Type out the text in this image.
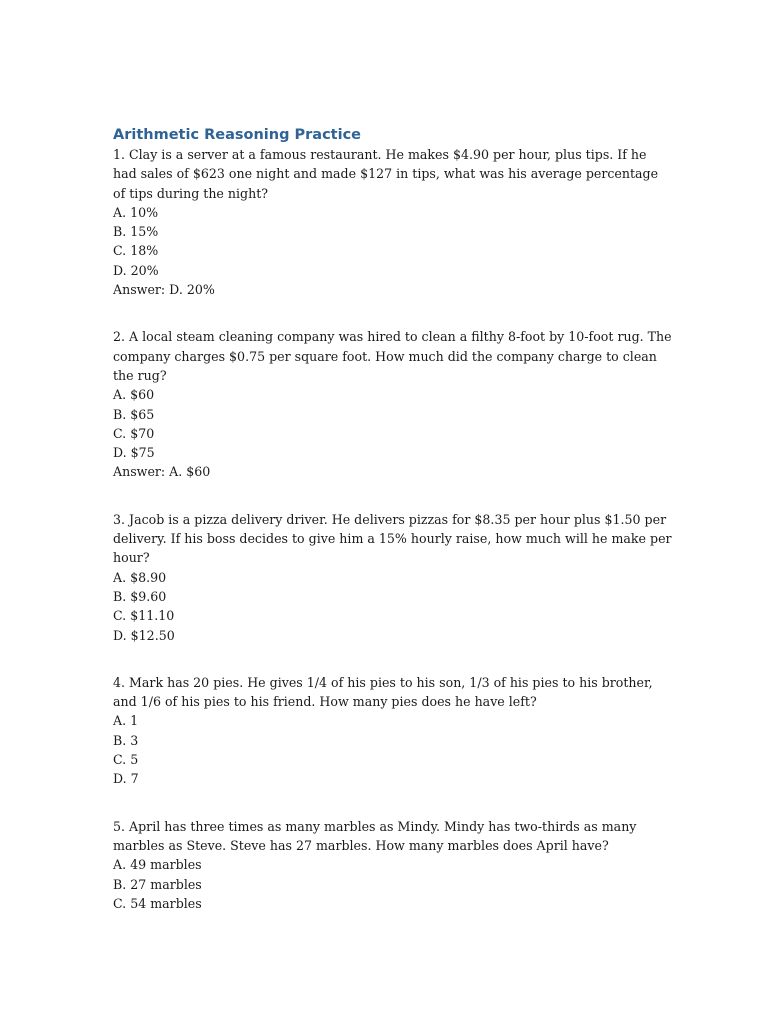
Arithmetic Reasoning Practice

1. Clay is a server at a famous restaurant. He makes $4.90 per hour, plus tips. If he had sales of $623 one night and made $127 in tips, what was his average percentage of tips during the night?

A. 10%
B. 15%
C. 18%
D. 20%

Answer: D. 20%

2. A local steam cleaning company was hired to clean a filthy 8-foot by 10-foot rug. The company charges $0.75 per square foot. How much did the company charge to clean the rug?

A. $60
B. $65
C. $70
D. $75

Answer: A. $60

3. Jacob is a pizza delivery driver. He delivers pizzas for $8.35 per hour plus $1.50 per delivery. If his boss decides to give him a 15% hourly raise, how much will he make per hour?

A. $8.90
B. $9.60
C. $11.10
D. $12.50

4. Mark has 20 pies. He gives 1/4 of his pies to his son, 1/3 of his pies to his brother, and 1/6 of his pies to his friend. How many pies does he have left?

A. 1
B. 3
C. 5
D. 7

5. April has three times as many marbles as Mindy. Mindy has two-thirds as many marbles as Steve. Steve has 27 marbles. How many marbles does April have?

A. 49 marbles
B. 27 marbles
C. 54 marbles
